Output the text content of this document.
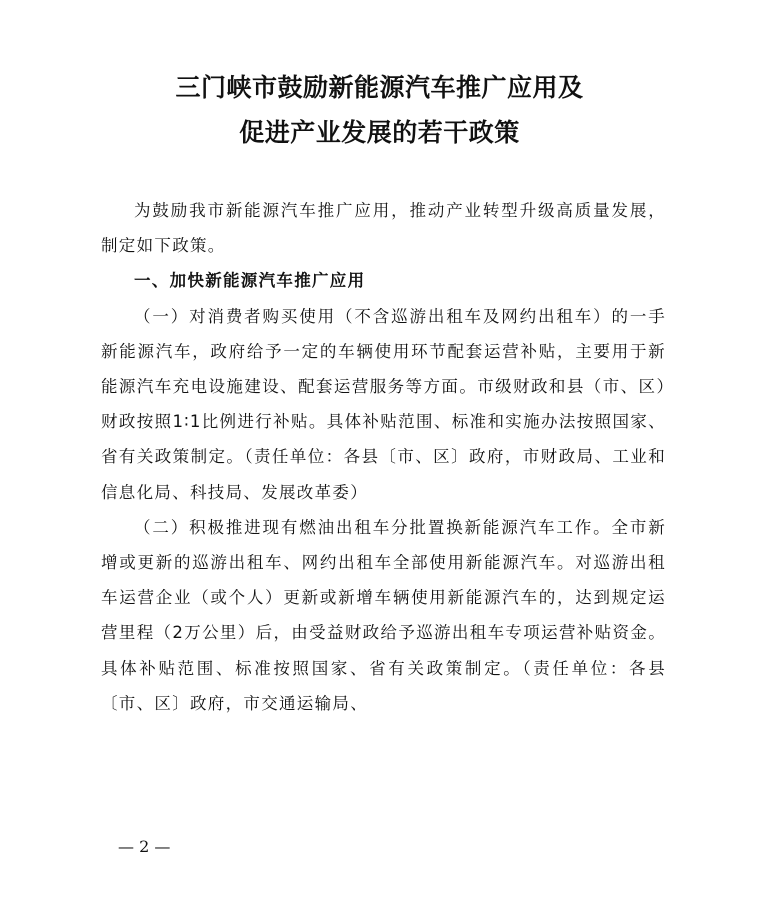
三门峡市鼓励新能源汽车推广应用及
促进产业发展的若干政策

为鼓励我市新能源汽车推广应用，推动产业转型升级高质量发展，制定如下政策。

一、加快新能源汽车推广应用

（一）对消费者购买使用（不含巡游出租车及网约出租车）的一手新能源汽车，政府给予一定的车辆使用环节配套运营补贴，主要用于新能源汽车充电设施建设、配套运营服务等方面。市级财政和县（市、区）财政按照1∶1比例进行补贴。具体补贴范围、标准和实施办法按照国家、省有关政策制定。（责任单位：各县〔市、区〕政府，市财政局、工业和信息化局、科技局、发展改革委）

（二）积极推进现有燃油出租车分批置换新能源汽车工作。全市新增或更新的巡游出租车、网约出租车全部使用新能源汽车。对巡游出租车运营企业（或个人）更新或新增车辆使用新能源汽车的，达到规定运营里程（2万公里）后，由受益财政给予巡游出租车专项运营补贴资金。具体补贴范围、标准按照国家、省有关政策制定。（责任单位：各县〔市、区〕政府，市交通运输局、

— 2 —
